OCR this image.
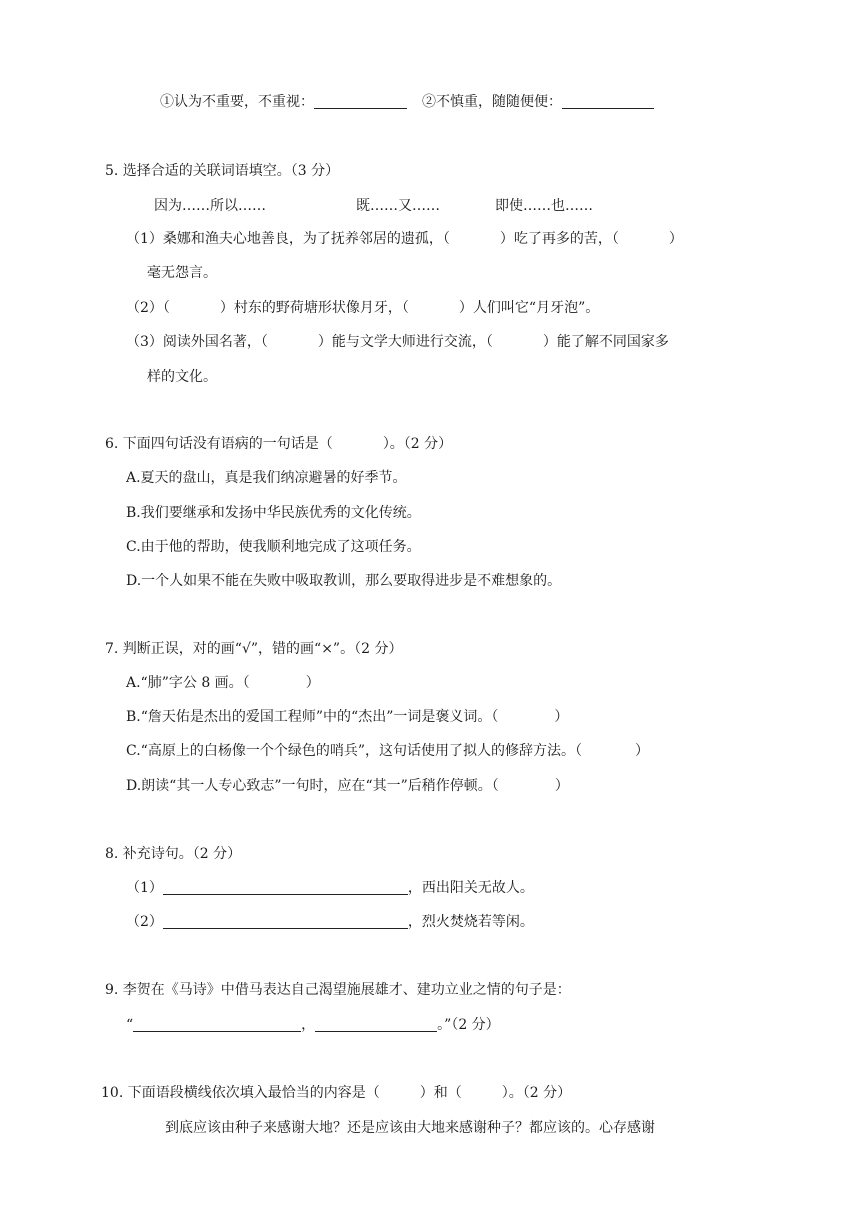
①认为不重要，不重视：	②不慎重，随随便便：
5. 选择合适的关联词语填空。（3 分）
因为……所以……	既……又……	即使……也……
（1）桑娜和渔夫心地善良，为了抚养邻居的遗孤，（	）吃了再多的苦，（	）
毫无怨言。
（2）（	）村东的野荷塘形状像月牙，（	）人们叫它“月牙泡”。
（3）阅读外国名著，（	）能与文学大师进行交流，（	）能了解不同国家多
样的文化。
6. 下面四句话没有语病的一句话是（	）。（2 分）
A.夏天的盘山，真是我们纳凉避暑的好季节。
B.我们要继承和发扬中华民族优秀的文化传统。
C.由于他的帮助，使我顺利地完成了这项任务。
D.一个人如果不能在失败中吸取教训，那么要取得进步是不难想象的。
7. 判断正误，对的画“√”，错的画“×”。（2 分）
A.“肺”字公 8 画。（	）
B.“詹天佑是杰出的爱国工程师”中的“杰出”一词是褒义词。（	）
C.“高原上的白杨像一个个绿色的哨兵”，这句话使用了拟人的修辞方法。（	）
D.朗读“其一人专心致志”一句时，应在“其一”后稍作停顿。（	）
8. 补充诗句。（2 分）
（1）	，西出阳关无故人。
（2）	，烈火焚烧若等闲。
9. 李贺在《马诗》中借马表达自己渴望施展雄才、建功立业之情的句子是：
“	，	。”（2 分）
10. 下面语段横线依次填入最恰当的内容是（	）和（	）。（2 分）
到底应该由种子来感谢大地？还是应该由大地来感谢种子？都应该的。心存感谢
